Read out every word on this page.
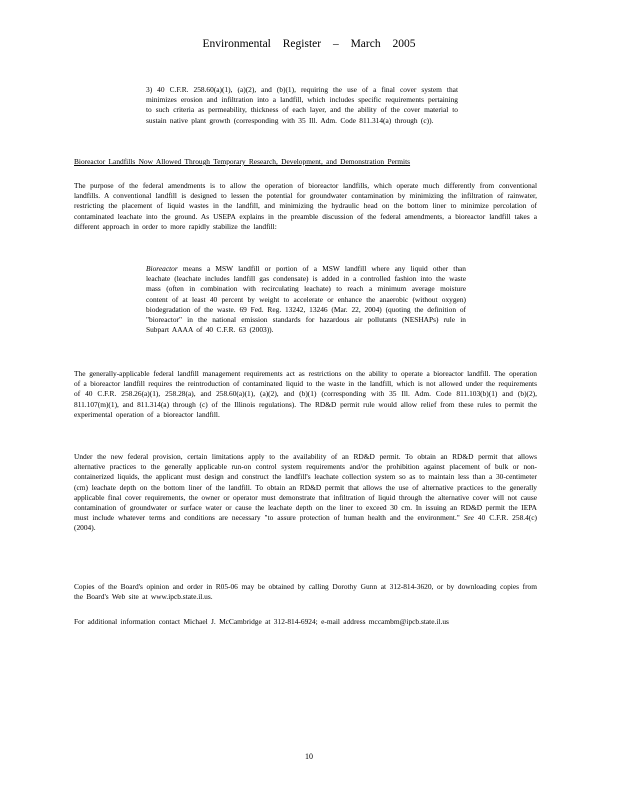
Environmental Register – March 2005
3) 40 C.F.R. 258.60(a)(1), (a)(2), and (b)(1), requiring the use of a final cover system that minimizes erosion and infiltration into a landfill, which includes specific requirements pertaining to such criteria as permeability, thickness of each layer, and the ability of the cover material to sustain native plant growth (corresponding with 35 Ill. Adm. Code 811.314(a) through (c)).
Bioreactor Landfills Now Allowed Through Temporary Research, Development, and Demonstration Permits
The purpose of the federal amendments is to allow the operation of bioreactor landfills, which operate much differently from conventional landfills. A conventional landfill is designed to lessen the potential for groundwater contamination by minimizing the infiltration of rainwater, restricting the placement of liquid wastes in the landfill, and minimizing the hydraulic head on the bottom liner to minimize percolation of contaminated leachate into the ground. As USEPA explains in the preamble discussion of the federal amendments, a bioreactor landfill takes a different approach in order to more rapidly stabilize the landfill:
Bioreactor means a MSW landfill or portion of a MSW landfill where any liquid other than leachate (leachate includes landfill gas condensate) is added in a controlled fashion into the waste mass (often in combination with recirculating leachate) to reach a minimum average moisture content of at least 40 percent by weight to accelerate or enhance the anaerobic (without oxygen) biodegradation of the waste. 69 Fed. Reg. 13242, 13246 (Mar. 22, 2004) (quoting the definition of "bioreactor" in the national emission standards for hazardous air pollutants (NESHAPs) rule in Subpart AAAA of 40 C.F.R. 63 (2003)).
The generally-applicable federal landfill management requirements act as restrictions on the ability to operate a bioreactor landfill. The operation of a bioreactor landfill requires the reintroduction of contaminated liquid to the waste in the landfill, which is not allowed under the requirements of 40 C.F.R. 258.26(a)(1), 258.28(a), and 258.60(a)(1), (a)(2), and (b)(1) (corresponding with 35 Ill. Adm. Code 811.103(b)(1) and (b)(2), 811.107(m)(1), and 811.314(a) through (c) of the Illinois regulations). The RD&D permit rule would allow relief from these rules to permit the experimental operation of a bioreactor landfill.
Under the new federal provision, certain limitations apply to the availability of an RD&D permit. To obtain an RD&D permit that allows alternative practices to the generally applicable run-on control system requirements and/or the prohibition against placement of bulk or non-containerized liquids, the applicant must design and construct the landfill's leachate collection system so as to maintain less than a 30-centimeter (cm) leachate depth on the bottom liner of the landfill. To obtain an RD&D permit that allows the use of alternative practices to the generally applicable final cover requirements, the owner or operator must demonstrate that infiltration of liquid through the alternative cover will not cause contamination of groundwater or surface water or cause the leachate depth on the liner to exceed 30 cm. In issuing an RD&D permit the IEPA must include whatever terms and conditions are necessary "to assure protection of human health and the environment." See 40 C.F.R. 258.4(c) (2004).
Copies of the Board's opinion and order in R05-06 may be obtained by calling Dorothy Gunn at 312-814-3620, or by downloading copies from the Board's Web site at www.ipcb.state.il.us.
For additional information contact Michael J. McCambridge at 312-814-6924; e-mail address mccambm@ipcb.state.il.us
10
